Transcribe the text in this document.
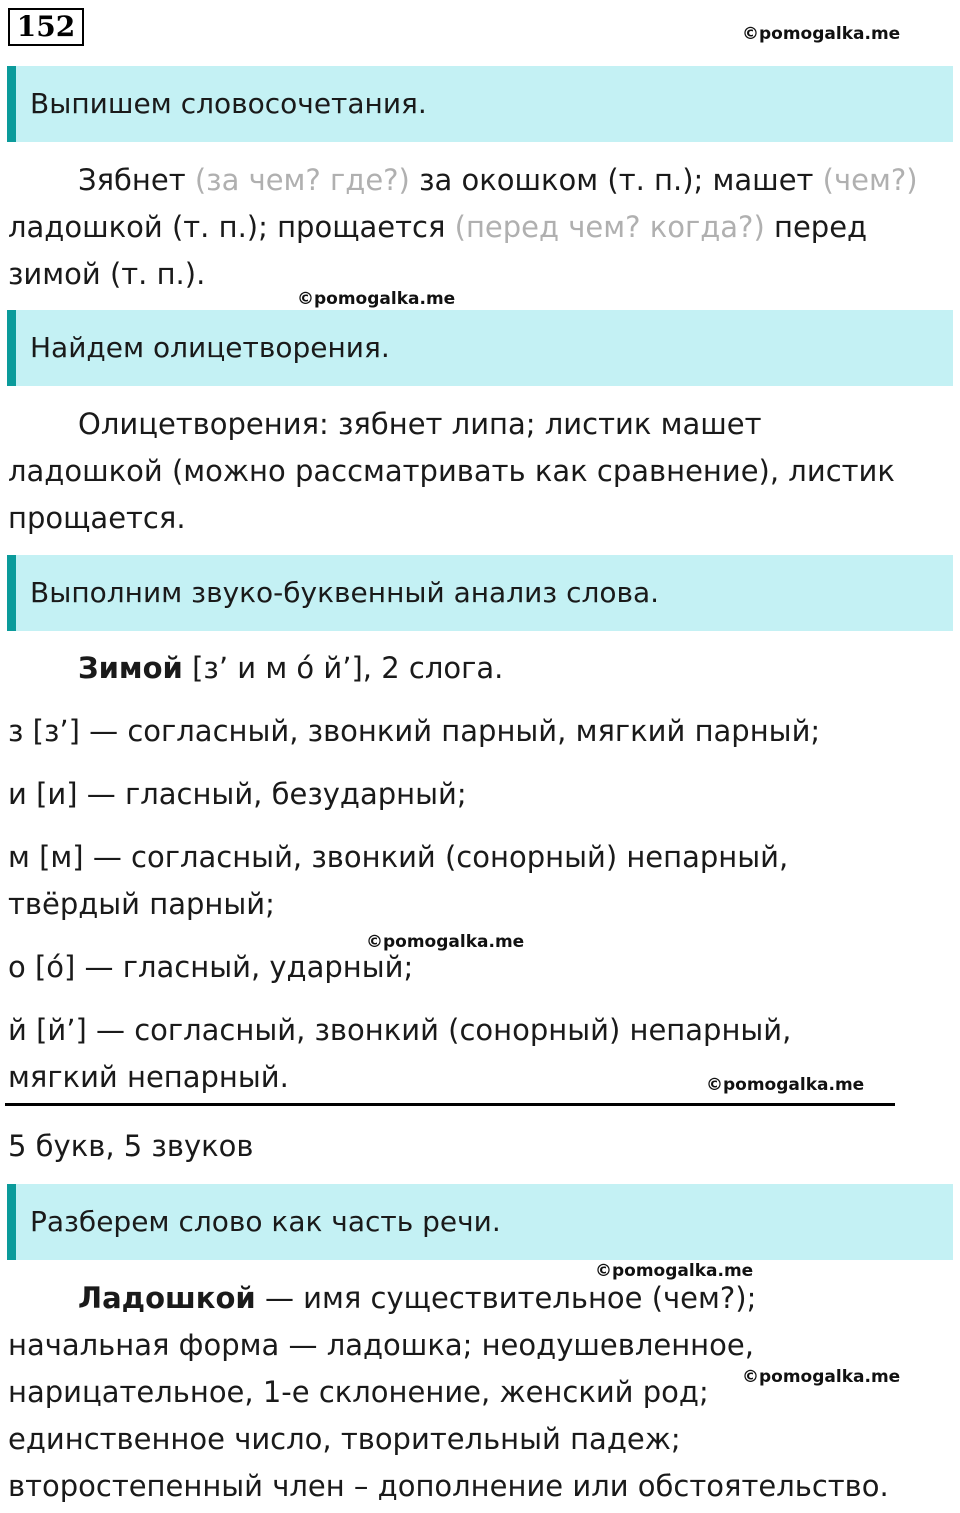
152	©pomogalka.me
Выпишем словосочетания.
Зябнет (за чем? где?) за окошком (т. п.); машет (чем?)
ладошкой (т. п.); прощается (перед чем? когда?) перед
зимой (т. п.).
©pomogalka.me
Найдем олицетворения.
Олицетворения: зябнет липа; листик машет
ладошкой (можно рассматривать как сравнение), листик
прощается.
Выполним звуко-буквенный анализ слова.
Зимой [з’ и м о́ й’], 2 слога.
з [з’] — согласный, звонкий парный, мягкий парный;
и [и] — гласный, безударный;
м [м] — согласный, звонкий (сонорный) непарный,
твёрдый парный;
©pomogalka.me
о [о́] — гласный, ударный;
й [й’] — согласный, звонкий (сонорный) непарный,
мягкий непарный.	©pomogalka.me
5 букв, 5 звуков
Разберем слово как часть речи.
©pomogalka.me
Ладошкой — имя существительное (чем?);
начальная форма — ладошка; неодушевленное,
©pomogalka.me
нарицательное, 1-е склонение, женский род;
единственное число, творительный падеж;
второстепенный член – дополнение или обстоятельство.
